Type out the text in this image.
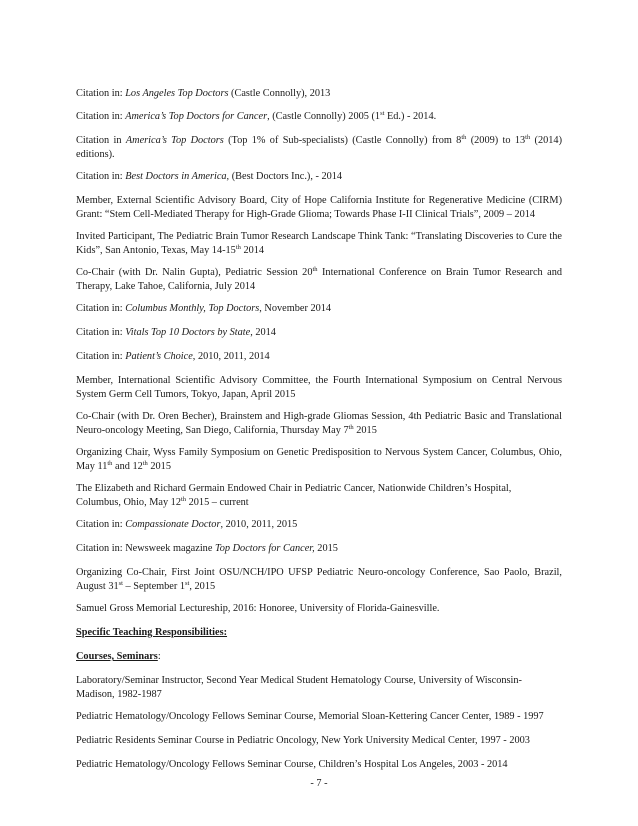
Citation in: Los Angeles Top Doctors (Castle Connolly), 2013

Citation in: America’s Top Doctors for Cancer, (Castle Connolly) 2005 (1st Ed.) - 2014.

Citation in America’s Top Doctors (Top 1% of Sub-specialists) (Castle Connolly) from 8th (2009) to 13th (2014) editions).

Citation in: Best Doctors in America, (Best Doctors Inc.), - 2014

Member, External Scientific Advisory Board, City of Hope California Institute for Regenerative Medicine (CIRM) Grant: “Stem Cell-Mediated Therapy for High-Grade Glioma; Towards Phase I-II Clinical Trials”, 2009 – 2014

Invited Participant, The Pediatric Brain Tumor Research Landscape Think Tank: “Translating Discoveries to Cure the Kids”, San Antonio, Texas, May 14-15th 2014

Co-Chair (with Dr. Nalin Gupta), Pediatric Session 20th International Conference on Brain Tumor Research and Therapy, Lake Tahoe, California, July 2014

Citation in: Columbus Monthly, Top Doctors, November 2014

Citation in: Vitals Top 10 Doctors by State, 2014

Citation in: Patient’s Choice, 2010, 2011, 2014

Member, International Scientific Advisory Committee, the Fourth International Symposium on Central Nervous System Germ Cell Tumors, Tokyo, Japan, April 2015

Co-Chair (with Dr. Oren Becher), Brainstem and High-grade Gliomas Session, 4th Pediatric Basic and Translational Neuro-oncology Meeting, San Diego, California, Thursday May 7th 2015

Organizing Chair, Wyss Family Symposium on Genetic Predisposition to Nervous System Cancer, Columbus, Ohio, May 11th and 12th 2015

The Elizabeth and Richard Germain Endowed Chair in Pediatric Cancer, Nationwide Children’s Hospital, Columbus, Ohio, May 12th 2015 – current

Citation in: Compassionate Doctor, 2010, 2011, 2015

Citation in: Newsweek magazine Top Doctors for Cancer, 2015

Organizing Co-Chair, First Joint OSU/NCH/IPO UFSP Pediatric Neuro-oncology Conference, Sao Paolo, Brazil, August 31st – September 1st, 2015

Samuel Gross Memorial Lectureship, 2016: Honoree, University of Florida-Gainesville.

Specific Teaching Responsibilities:

Courses, Seminars:

Laboratory/Seminar Instructor, Second Year Medical Student Hematology Course, University of Wisconsin-Madison, 1982-1987

Pediatric Hematology/Oncology Fellows Seminar Course, Memorial Sloan-Kettering Cancer Center, 1989 - 1997

Pediatric Residents Seminar Course in Pediatric Oncology, New York University Medical Center, 1997 - 2003

Pediatric Hematology/Oncology Fellows Seminar Course, Children’s Hospital Los Angeles, 2003 - 2014

- 7 -
